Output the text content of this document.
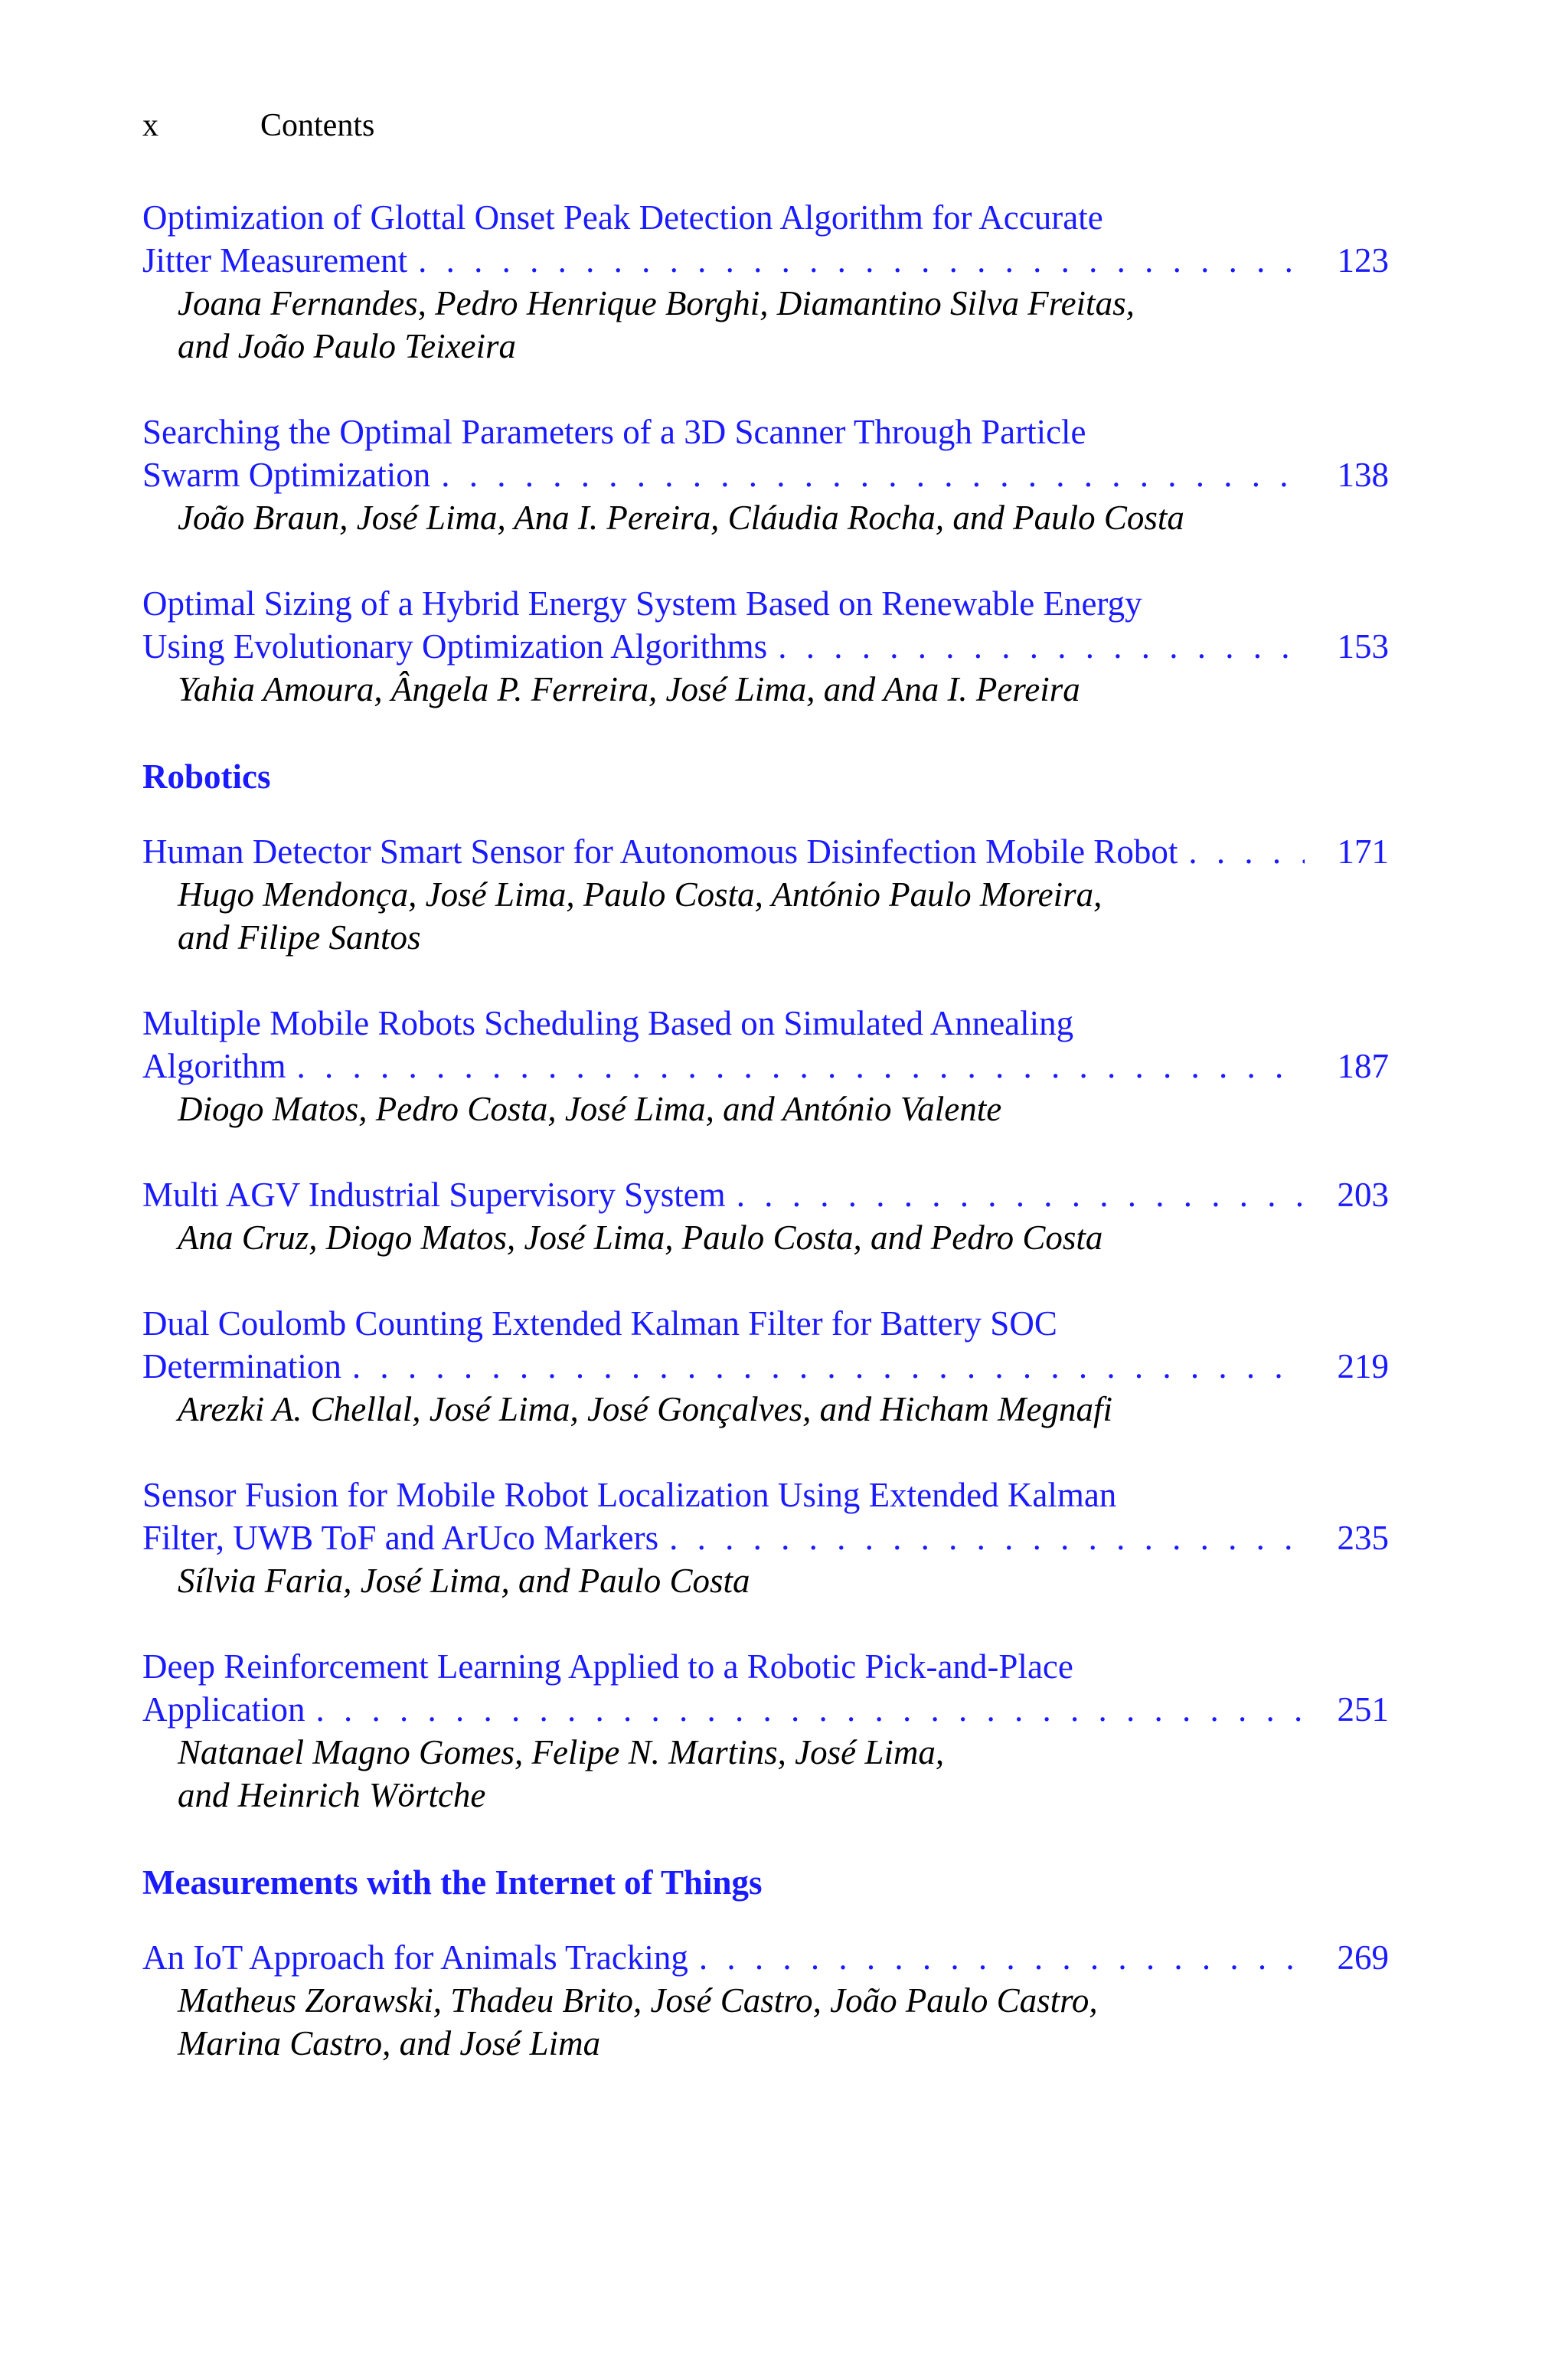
x	Contents
Optimization of Glottal Onset Peak Detection Algorithm for Accurate
Jitter Measurement . . .	123
Joana Fernandes, Pedro Henrique Borghi, Diamantino Silva Freitas,
and João Paulo Teixeira
Searching the Optimal Parameters of a 3D Scanner Through Particle
Swarm Optimization . . .	138
João Braun, José Lima, Ana I. Pereira, Cláudia Rocha, and Paulo Costa
Optimal Sizing of a Hybrid Energy System Based on Renewable Energy
Using Evolutionary Optimization Algorithms . . .	153
Yahia Amoura, Ângela P. Ferreira, José Lima, and Ana I. Pereira
Robotics
Human Detector Smart Sensor for Autonomous Disinfection Mobile Robot . . .	171
Hugo Mendonça, José Lima, Paulo Costa, António Paulo Moreira,
and Filipe Santos
Multiple Mobile Robots Scheduling Based on Simulated Annealing
Algorithm . . .	187
Diogo Matos, Pedro Costa, José Lima, and António Valente
Multi AGV Industrial Supervisory System . . .	203
Ana Cruz, Diogo Matos, José Lima, Paulo Costa, and Pedro Costa
Dual Coulomb Counting Extended Kalman Filter for Battery SOC
Determination . . .	219
Arezki A. Chellal, José Lima, José Gonçalves, and Hicham Megnafi
Sensor Fusion for Mobile Robot Localization Using Extended Kalman
Filter, UWB ToF and ArUco Markers . . .	235
Sílvia Faria, José Lima, and Paulo Costa
Deep Reinforcement Learning Applied to a Robotic Pick-and-Place
Application . . .	251
Natanael Magno Gomes, Felipe N. Martins, José Lima,
and Heinrich Wörtche
Measurements with the Internet of Things
An IoT Approach for Animals Tracking . . .	269
Matheus Zorawski, Thadeu Brito, José Castro, João Paulo Castro,
Marina Castro, and José Lima
